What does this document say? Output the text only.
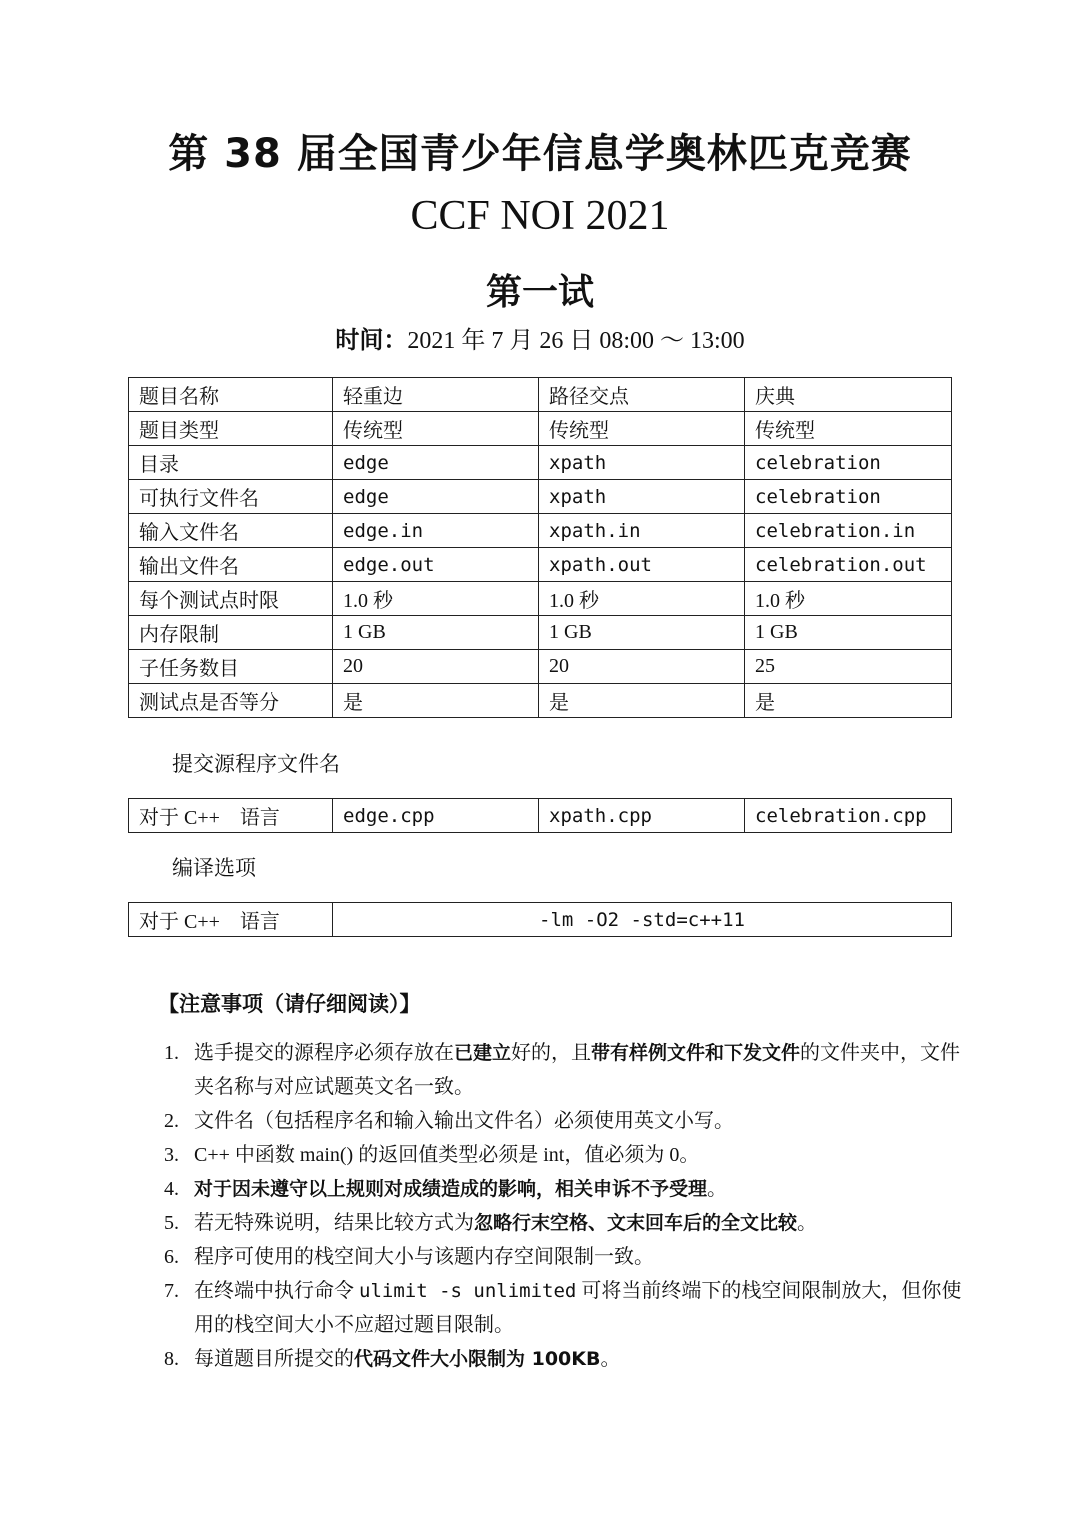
第 38 届全国青少年信息学奥林匹克竞赛
CCF NOI 2021
第一试
时间：2021 年 7 月 26 日 08:00 ～ 13:00
题目名称	轻重边	路径交点	庆典
题目类型	传统型	传统型	传统型
目录	edge	xpath	celebration
可执行文件名	edge	xpath	celebration
输入文件名	edge.in	xpath.in	celebration.in
输出文件名	edge.out	xpath.out	celebration.out
每个测试点时限	1.0 秒	1.0 秒	1.0 秒
内存限制	1 GB	1 GB	1 GB
子任务数目	20	20	25
测试点是否等分	是	是	是
提交源程序文件名
对于 C++　语言	edge.cpp	xpath.cpp	celebration.cpp
编译选项
对于 C++　语言	-lm -O2 -std=c++11
【注意事项（请仔细阅读）】
1. 选手提交的源程序必须存放在已建立好的，且带有样例文件和下发文件的文件夹中，文件夹名称与对应试题英文名一致。
2. 文件名（包括程序名和输入输出文件名）必须使用英文小写。
3. C++ 中函数 main() 的返回值类型必须是 int，值必须为 0。
4. 对于因未遵守以上规则对成绩造成的影响，相关申诉不予受理。
5. 若无特殊说明，结果比较方式为忽略行末空格、文末回车后的全文比较。
6. 程序可使用的栈空间大小与该题内存空间限制一致。
7. 在终端中执行命令 ulimit -s unlimited 可将当前终端下的栈空间限制放大，但你使用的栈空间大小不应超过题目限制。
8. 每道题目所提交的代码文件大小限制为 100KB。
